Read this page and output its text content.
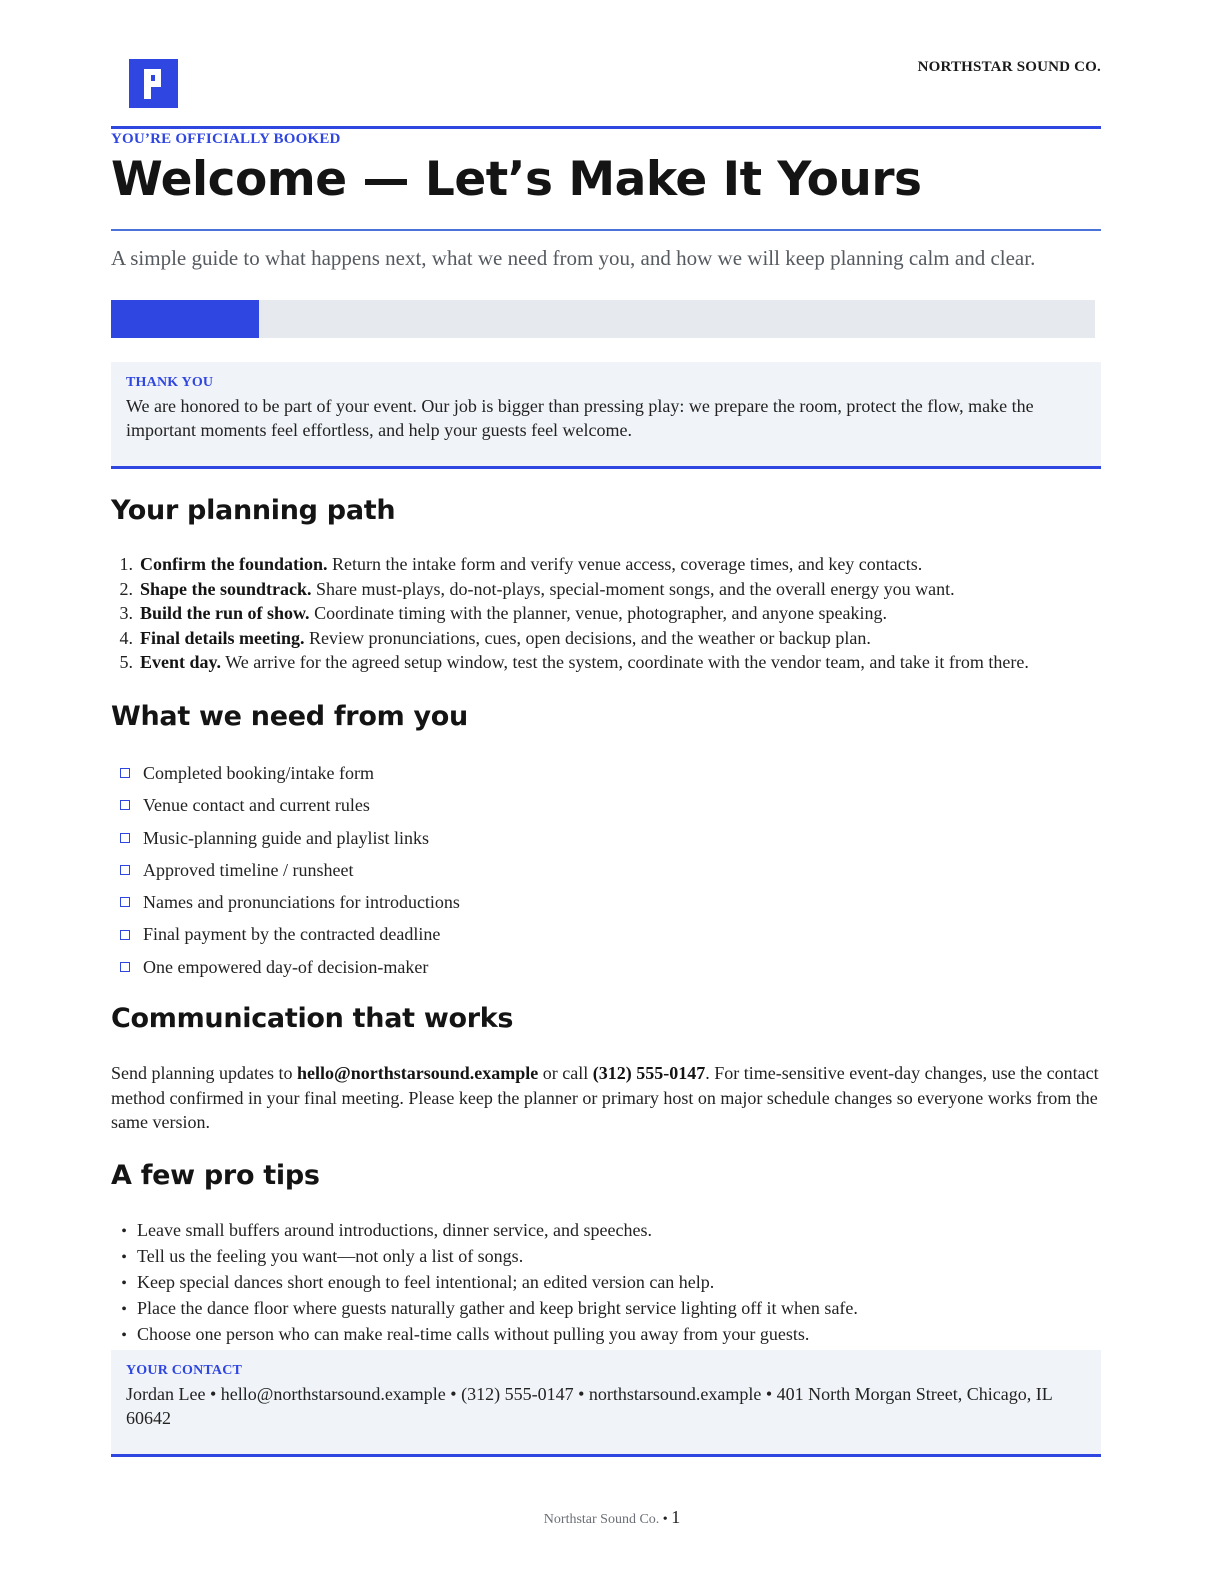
NORTHSTAR SOUND CO.
YOU’RE OFFICIALLY BOOKED
Welcome — Let’s Make It Yours
A simple guide to what happens next, what we need from you, and how we will keep planning calm and clear.
THANK YOU
We are honored to be part of your event. Our job is bigger than pressing play: we prepare the room, protect the flow, make the important moments feel effortless, and help your guests feel welcome.
Your planning path
1. Confirm the foundation. Return the intake form and verify venue access, coverage times, and key contacts.
2. Shape the soundtrack. Share must-plays, do-not-plays, special-moment songs, and the overall energy you want.
3. Build the run of show. Coordinate timing with the planner, venue, photographer, and anyone speaking.
4. Final details meeting. Review pronunciations, cues, open decisions, and the weather or backup plan.
5. Event day. We arrive for the agreed setup window, test the system, coordinate with the vendor team, and take it from there.
What we need from you
Completed booking/intake form
Venue contact and current rules
Music-planning guide and playlist links
Approved timeline / runsheet
Names and pronunciations for introductions
Final payment by the contracted deadline
One empowered day-of decision-maker
Communication that works

Send planning updates to hello@northstarsound.example or call (312) 555-0147. For time-sensitive event-day changes, use the contact method confirmed in your final meeting. Please keep the planner or primary host on major schedule changes so everyone works from the same version.

A few pro tips
• Leave small buffers around introductions, dinner service, and speeches.
• Tell us the feeling you want—not only a list of songs.
• Keep special dances short enough to feel intentional; an edited version can help.
• Place the dance floor where guests naturally gather and keep bright service lighting off it when safe.
• Choose one person who can make real-time calls without pulling you away from your guests.
YOUR CONTACT
Jordan Lee • hello@northstarsound.example • (312) 555-0147 • northstarsound.example • 401 North Morgan Street, Chicago, IL 60642
Northstar Sound Co. • 1
